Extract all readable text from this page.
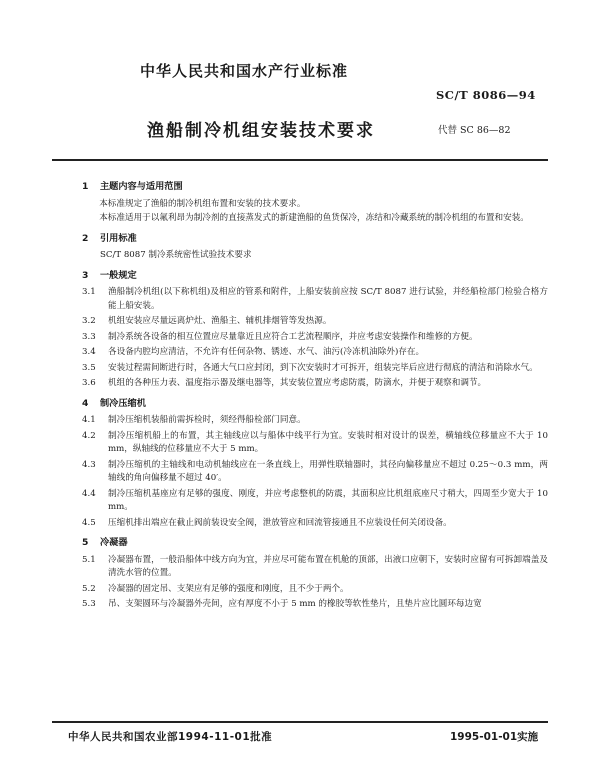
中华人民共和国水产行业标准
SC/T 8086—94
渔船制冷机组安装技术要求	代替 SC 86—82
1 主题内容与适用范围
本标准规定了渔船的制冷机组布置和安装的技术要求。
本标准适用于以氟利昂为制冷剂的直接蒸发式的新建渔船的鱼货保冷，冻结和冷藏系统的制冷机组的布置和安装。
2 引用标准
SC/T 8087 制冷系统密性试验技术要求
3 一般规定
3.1	渔船制冷机组(以下称机组)及相应的管系和附件，上船安装前应按 SC/T 8087 进行试验，并经船检部门检验合格方能上船安装。
3.2	机组安装应尽量远离炉灶、渔船主、辅机排烟管等发热源。
3.3	制冷系统各设备的相互位置应尽量靠近且应符合工艺流程顺序，并应考虑安装操作和维修的方便。
3.4	各设备内腔均应清洁，不允许有任何杂物、锈迹、水气、油污(冷冻机油除外)存在。
3.5	安装过程需间断进行时，各通大气口应封闭，到下次安装时才可拆开，组装完毕后应进行彻底的清洁和消除水气。
3.6	机组的各种压力表、温度指示器及继电器等，其安装位置应考虑防震，防滴水，并便于观察和调节。
4 制冷压缩机
4.1	制冷压缩机装船前需拆检时，须经得船检部门同意。
4.2	制冷压缩机船上的布置，其主轴线应以与船体中线平行为宜。安装时相对设计的误差，横轴线位移量应不大于 10 mm，纵轴线的位移量应不大于 5 mm。
4.3	制冷压缩机的主轴线和电动机轴线应在一条直线上，用弹性联轴器时，其径向偏移量应不超过 0.25～0.3 mm，两轴线的角向偏移量不超过 40′。
4.4	制冷压缩机基座应有足够的强度、刚度，并应考虑整机的防震，其面积应比机组底座尺寸稍大，四周至少宽大于 10 mm。
4.5	压缩机排出端应在截止阀前装设安全阀，泄放管应和回流管接通且不应装设任何关闭设备。
5 冷凝器
5.1	冷凝器布置，一般沿船体中线方向为宜，并应尽可能布置在机舱的顶部，出液口应朝下，安装时应留有可拆卸端盖及清洗水管的位置。
5.2	冷凝器的固定吊、支架应有足够的强度和刚度，且不少于两个。
5.3	吊、支架圆环与冷凝器外壳间，应有厚度不小于 5 mm 的橡胶等软性垫片，且垫片应比圆环每边宽
中华人民共和国农业部1994-11-01批准	1995-01-01实施
